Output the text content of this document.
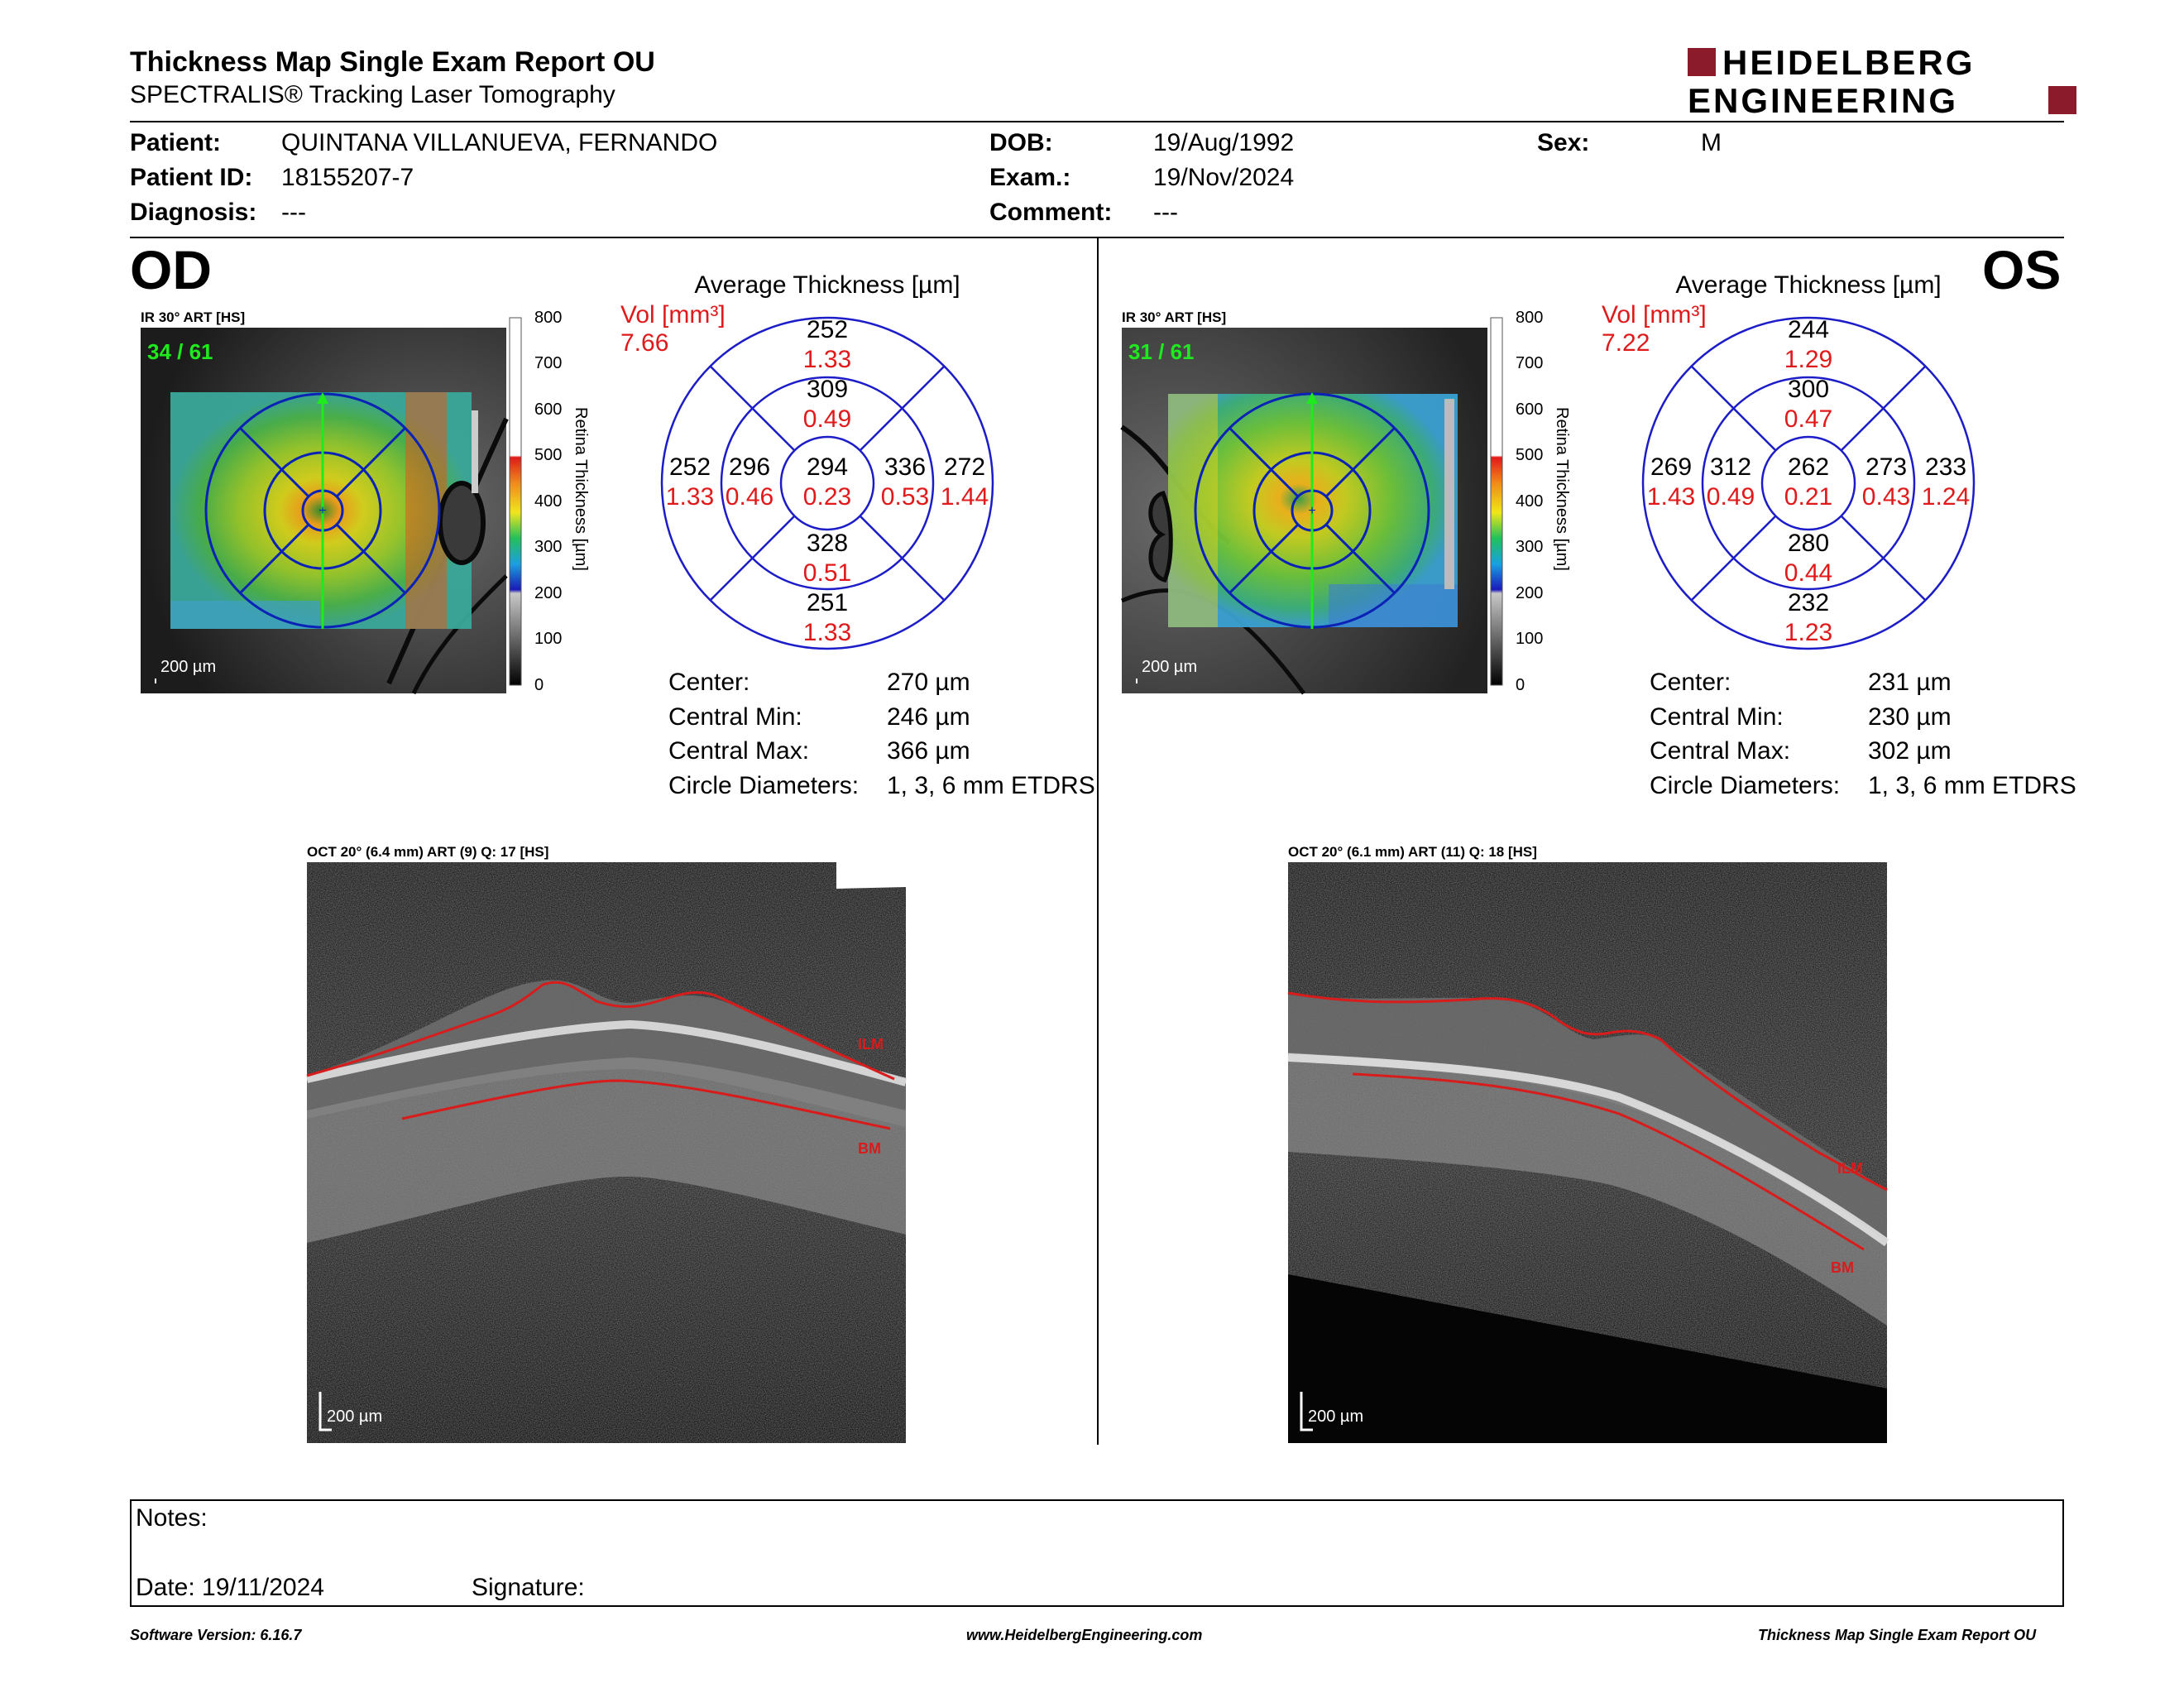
Thickness Map Single Exam Report OU
SPECTRALIS® Tracking Laser Tomography
HEIDELBERG
ENGINEERING
Patient: QUINTANA VILLANUEVA, FERNANDO
Patient ID: 18155207-7
Diagnosis: ---
DOB:	19/Aug/1992
Exam.:	19/Nov/2024
Comment: ---
Sex:	M
OD	OS
IR 30° ART [HS]
+
34 / 61
200 µm
800
700
600
500
400
300
200
100
0
Retina Thickness [µm]
Average Thickness [µm]
Vol [mm³]
7.66	252
1.33
309
0.49
294
0.23
296
0.46
252
1.33
336
0.53
272
1.44
328
0.51
251
1.33
Center:	270 µm
Central Min:	246 µm
Central Max:	366 µm
Circle Diameters: 1, 3, 6 mm ETDRS
OCT 20° (6.4 mm) ART (9) Q: 17 [HS]
ILM
BM
200 µm
IR 30° ART [HS]
+
31 / 61
200 µm
800
700
600
500
400
300
200
100
0
Retina Thickness [µm]
Average Thickness [µm]
Vol [mm³]
7.22	244
1.29
300
0.47
262
0.21
312
0.49
269
1.43
273
0.43
233
1.24
280
0.44
232
1.23
Center:	231 µm
Central Min:	230 µm
Central Max:	302 µm
Circle Diameters: 1, 3, 6 mm ETDRS
OCT 20° (6.1 mm) ART (11) Q: 18 [HS]
ILM
BM
200 µm
Notes:
Date: 19/11/2024	Signature:
Software Version: 6.16.7	www.HeidelbergEngineering.com	Thickness Map Single Exam Report OU
